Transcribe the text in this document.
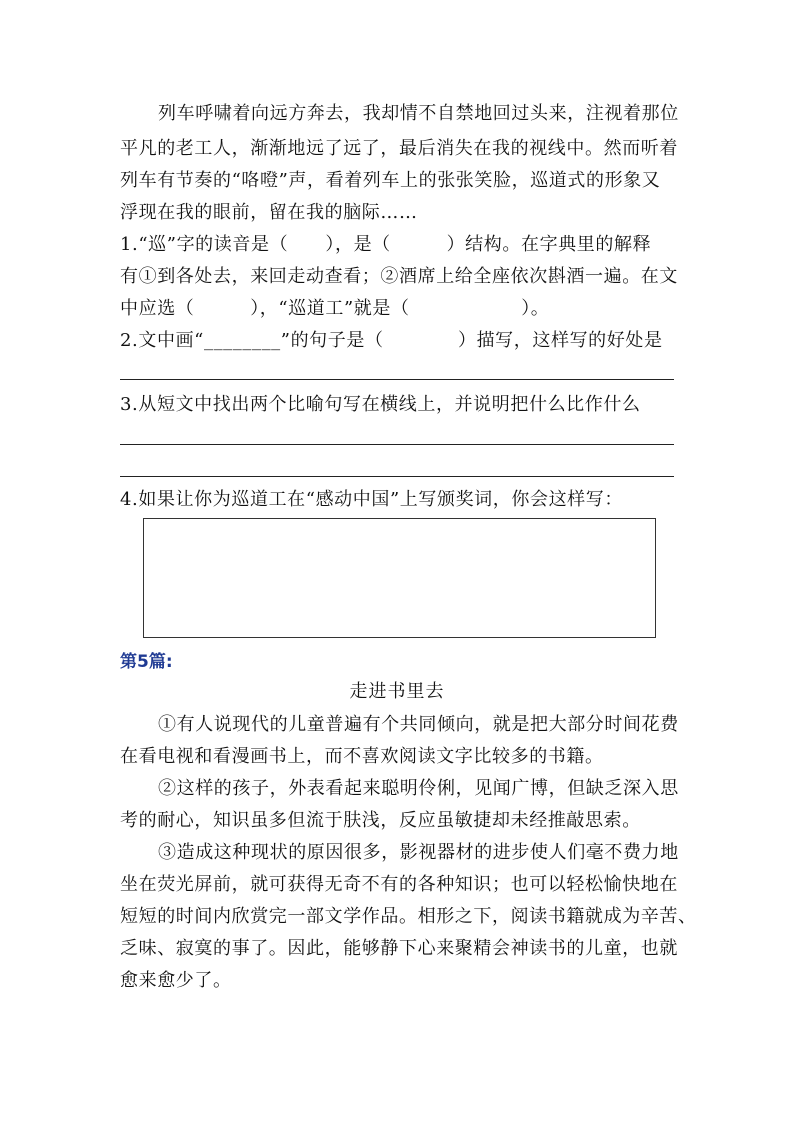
列车呼啸着向远方奔去，我却情不自禁地回过头来，注视着那位
平凡的老工人，渐渐地远了远了，最后消失在我的视线中。然而听着
列车有节奏的“咯噔”声，看着列车上的张张笑脸，巡道式的形象又
浮现在我的眼前，留在我的脑际……
1.“巡”字的读音是（　　），是（　　　）结构。在字典里的解释
有①到各处去，来回走动查看；②酒席上给全座依次斟酒一遍。在文
中应选（　　　），“巡道工”就是（　　　　　　）。
2.文中画“________”的句子是（　　　　）描写，这样写的好处是
3.从短文中找出两个比喻句写在横线上，并说明把什么比作什么
4.如果让你为巡道工在“感动中国”上写颁奖词，你会这样写：
第5篇:
走进书里去
①有人说现代的儿童普遍有个共同倾向，就是把大部分时间花费
在看电视和看漫画书上，而不喜欢阅读文字比较多的书籍。
②这样的孩子，外表看起来聪明伶俐，见闻广博，但缺乏深入思
考的耐心，知识虽多但流于肤浅，反应虽敏捷却未经推敲思索。
③造成这种现状的原因很多，影视器材的进步使人们毫不费力地
坐在荧光屏前，就可获得无奇不有的各种知识；也可以轻松愉快地在
短短的时间内欣赏完一部文学作品。相形之下，阅读书籍就成为辛苦、
乏味、寂寞的事了。因此，能够静下心来聚精会神读书的儿童，也就
愈来愈少了。
